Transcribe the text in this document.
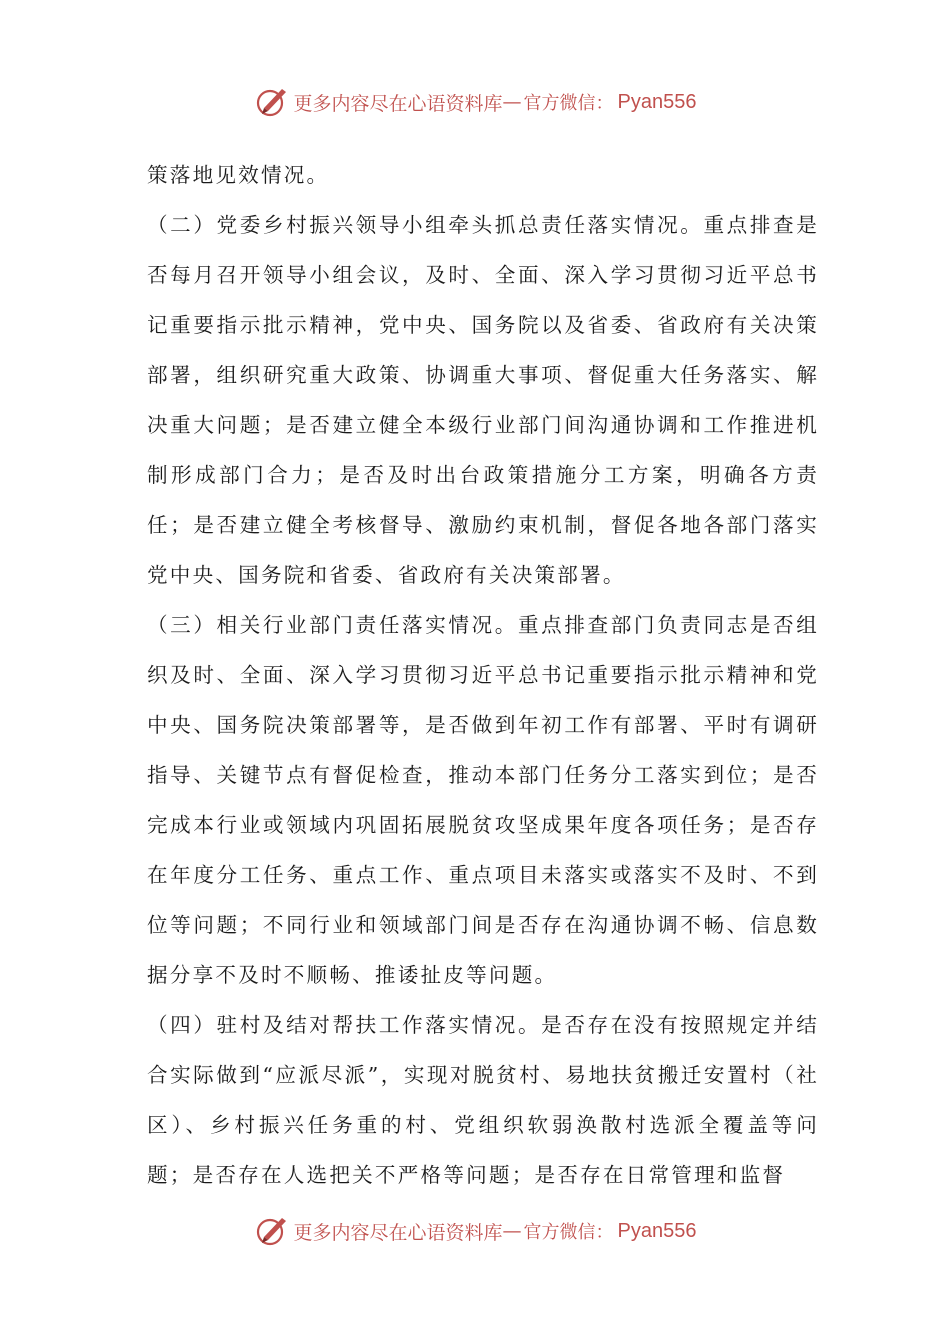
更多内容尽在心语资料库 — 官方微信： Pyan556

策落地见效情况。

（二）党委乡村振兴领导小组牵头抓总责任落实情况。重点排查是否每月召开领导小组会议，及时、全面、深入学习贯彻习近平总书记重要指示批示精神，党中央、国务院以及省委、省政府有关决策部署，组织研究重大政策、协调重大事项、督促重大任务落实、解决重大问题；是否建立健全本级行业部门间沟通协调和工作推进机制形成部门合力；是否及时出台政策措施分工方案，明确各方责任；是否建立健全考核督导、激励约束机制，督促各地各部门落实党中央、国务院和省委、省政府有关决策部署。

（三）相关行业部门责任落实情况。重点排查部门负责同志是否组织及时、全面、深入学习贯彻习近平总书记重要指示批示精神和党中央、国务院决策部署等，是否做到年初工作有部署、平时有调研指导、关键节点有督促检查，推动本部门任务分工落实到位；是否完成本行业或领域内巩固拓展脱贫攻坚成果年度各项任务；是否存在年度分工任务、重点工作、重点项目未落实或落实不及时、不到位等问题；不同行业和领域部门间是否存在沟通协调不畅、信息数据分享不及时不顺畅、推诿扯皮等问题。

（四）驻村及结对帮扶工作落实情况。是否存在没有按照规定并结合实际做到“应派尽派”，实现对脱贫村、易地扶贫搬迁安置村（社区）、乡村振兴任务重的村、党组织软弱涣散村选派全覆盖等问题；是否存在人选把关不严格等问题；是否存在日常管理和监督

更多内容尽在心语资料库 — 官方微信： Pyan556
